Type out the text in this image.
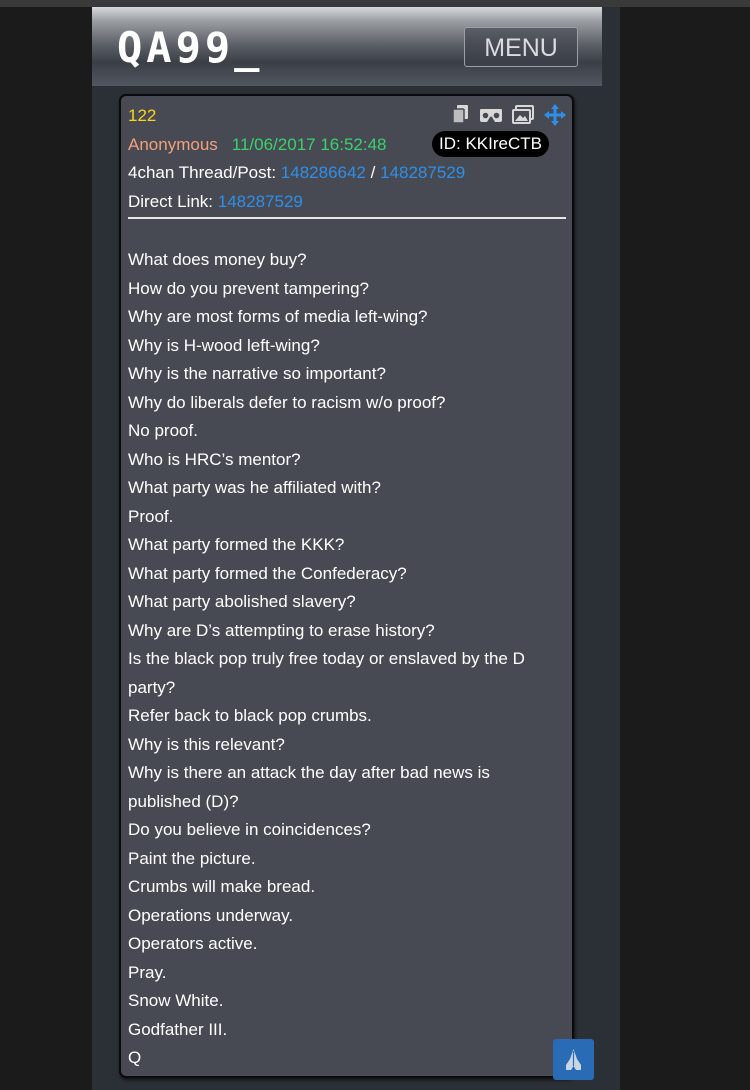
QA99_	MENU
122
Anonymous 11/06/2017 16:52:48	ID: KKIreCTB
4chan Thread/Post: 148286642 / 148287529
Direct Link: 148287529
What does money buy?
How do you prevent tampering?
Why are most forms of media left-wing?
Why is H-wood left-wing?
Why is the narrative so important?
Why do liberals defer to racism w/o proof?
No proof.
Who is HRC’s mentor?
What party was he affiliated with?
Proof.
What party formed the KKK?
What party formed the Confederacy?
What party abolished slavery?
Why are D’s attempting to erase history?
Is the black pop truly free today or enslaved by the D party?
Refer back to black pop crumbs.
Why is this relevant?
Why is there an attack the day after bad news is published (D)?
Do you believe in coincidences?
Paint the picture.
Crumbs will make bread.
Operations underway.
Operators active.
Pray.
Snow White.
Godfather III.
Q
